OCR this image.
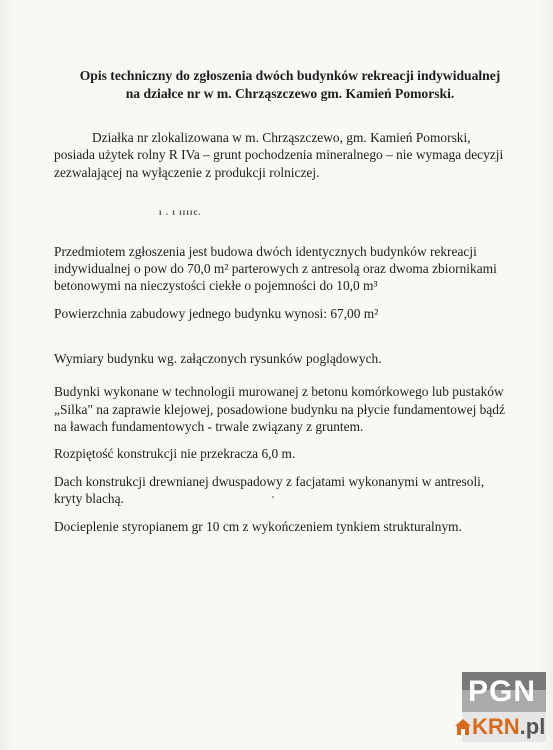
Opis techniczny do zgłoszenia dwóch budynków rekreacji indywidualnej
na działce nr w m. Chrząszczewo gm. Kamień Pomorski.
Działka nr zlokalizowana w m. Chrząszczewo, gm. Kamień Pomorski,
posiada użytek rolny R IVa – grunt pochodzenia mineralnego – nie wymaga decyzji
zezwalającej na wyłączenie z produkcji rolniczej.
ı . ɪ ɪɪɪɪc.
Przedmiotem zgłoszenia jest budowa dwóch identycznych budynków rekreacji
indywidualnej o pow do 70,0 m² parterowych z antresolą oraz dwoma zbiornikami
betonowymi na nieczystości ciekłe o pojemności do 10,0 m³
Powierzchnia zabudowy jednego budynku wynosi: 67,00 m²
Wymiary budynku wg. załączonych rysunków poglądowych.
Budynki wykonane w technologii murowanej z betonu komórkowego lub pustaków
„Silka" na zaprawie klejowej, posadowione budynku na płycie fundamentowej bądź
na ławach fundamentowych - trwale związany z gruntem.
Rozpiętość konstrukcji nie przekracza 6,0 m.
Dach konstrukcji drewnianej dwuspadowy z facjatami wykonanymi w antresoli,
kryty blachą.
Docieplenie styropianem gr 10 cm z wykończeniem tynkiem strukturalnym.
PGN
KRN.pl
